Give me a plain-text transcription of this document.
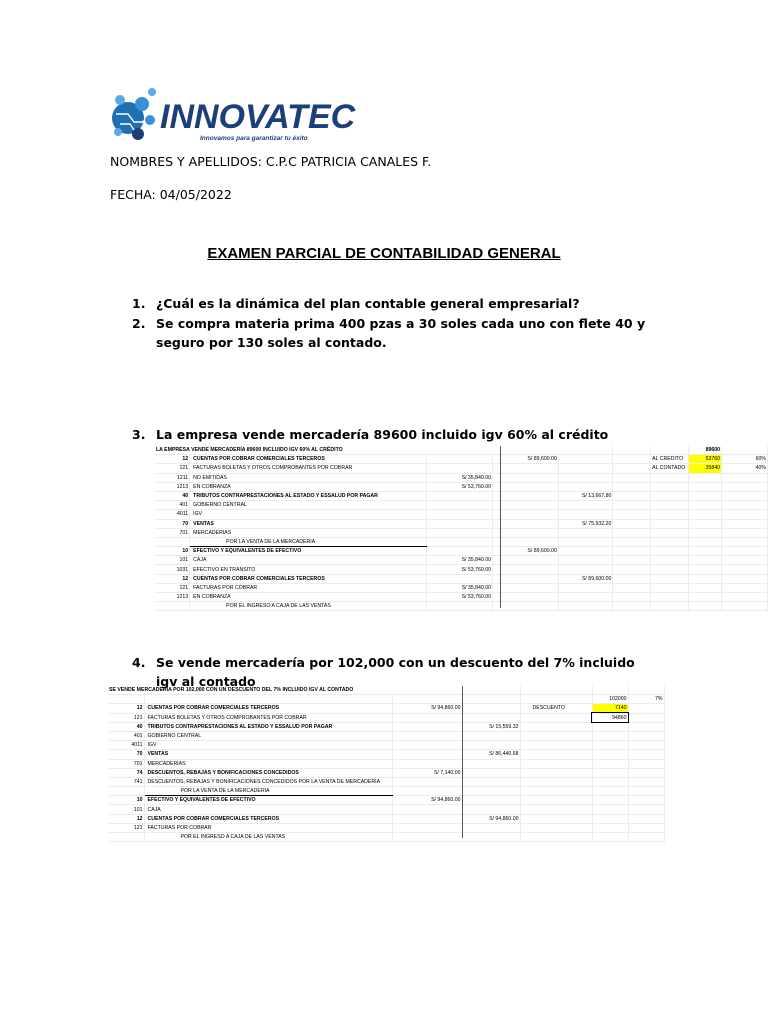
INNOVATEC
Innovamos para garantizar tu éxito
NOMBRES Y APELLIDOS: C.P.C PATRICIA CANALES F.
FECHA: 04/05/2022
EXAMEN PARCIAL DE CONTABILIDAD GENERAL
1. ¿Cuál es la dinámica del plan contable general empresarial?
2. Se compra materia prima 400 pzas a 30 soles cada uno con flete 40 y seguro por 130 soles al contado.
3. La empresa vende mercadería 89600 incluido igv 60% al crédito
4. Se vende mercadería por 102,000 con un descuento del 7% incluido igv al contado
LA EMPRESA VENDE MERCADERÍA 89600 INCLUIDO IGV 60% AL CRÉDITO							89600	
12	CUENTAS POR COBRAR COMERCIALES TERCEROS		S/ 89,600.00			AL CREDITO	53760	60%
121	FACTURAS BOLETAS Y OTROS COMPROBANTES POR COBRAR					AL CONTADO	35840	40%
1211	NO EMITIDAS	S/ 35,840.00						
1213	EN COBRANZA	S/ 53,760.00						
40	TRIBUTOS CONTRAPRESTACIONES AL ESTADO Y ESSALUD POR PAGAR			S/ 13,667.80				
401	GOBIERNO CENTRAL							
4011	IGV							
70	VENTAS			S/ 75,932.20				
701	MERCADERIAS							
	POR LA VENTA DE LA MERCADERIA							
10	EFECTIVO Y EQUIVALENTES DE EFECTIVO		S/ 89,600.00					
101	CAJA	S/ 35,840.00						
1031	EFECTIVO EN TRANSITO	S/ 53,760.00						
12	CUENTAS POR COBRAR COMERCIALES TERCEROS			S/ 89,600.00				
121	FACTURAS POR COBRAR	S/ 35,840.00						
1213	EN COBRANZA	S/ 53,760.00						
	POR EL INGRESO A CAJA DE LAS VENTAS							
SE VENDE MERCADERÍA POR 102,000 CON UN DESCUENTO DEL 7% INCLUIDO IGV AL CONTADO						
					102000	7%
12	CUENTAS POR COBRAR COMERCIALES TERCEROS	S/ 94,860.00		DESCUENTO	7140	
121	FACTURAS BOLETAS Y OTROS COMPROBANTES POR COBRAR				94860	
40	TRIBUTOS CONTRAPRESTACIONES AL ESTADO Y ESSALUD POR PAGAR		S/ 15,559.32			
401	GOBIERNO CENTRAL					
4011	IGV					
70	VENTAS		S/ 86,440.68			
701	MERCADERIAS					
74	DESCUENTOS, REBAJAS Y BONIFICACIONES CONCEDIDOS	S/ 7,140.00				
741	DESCUENTOS, REBAJAS Y BONIFICACIONES CONCEDIDOS POR LA VENTA DE MERCADERIA					
	POR LA VENTA DE LA MERCADERIA					
10	EFECTIVO Y EQUIVALENTES DE EFECTIVO	S/ 94,860.00				
101	CAJA					
12	CUENTAS POR COBRAR COMERCIALES TERCEROS		S/ 94,860.00			
121	FACTURAS POR COBRAR					
	POR EL INGRESO A CAJA DE LAS VENTAS					
